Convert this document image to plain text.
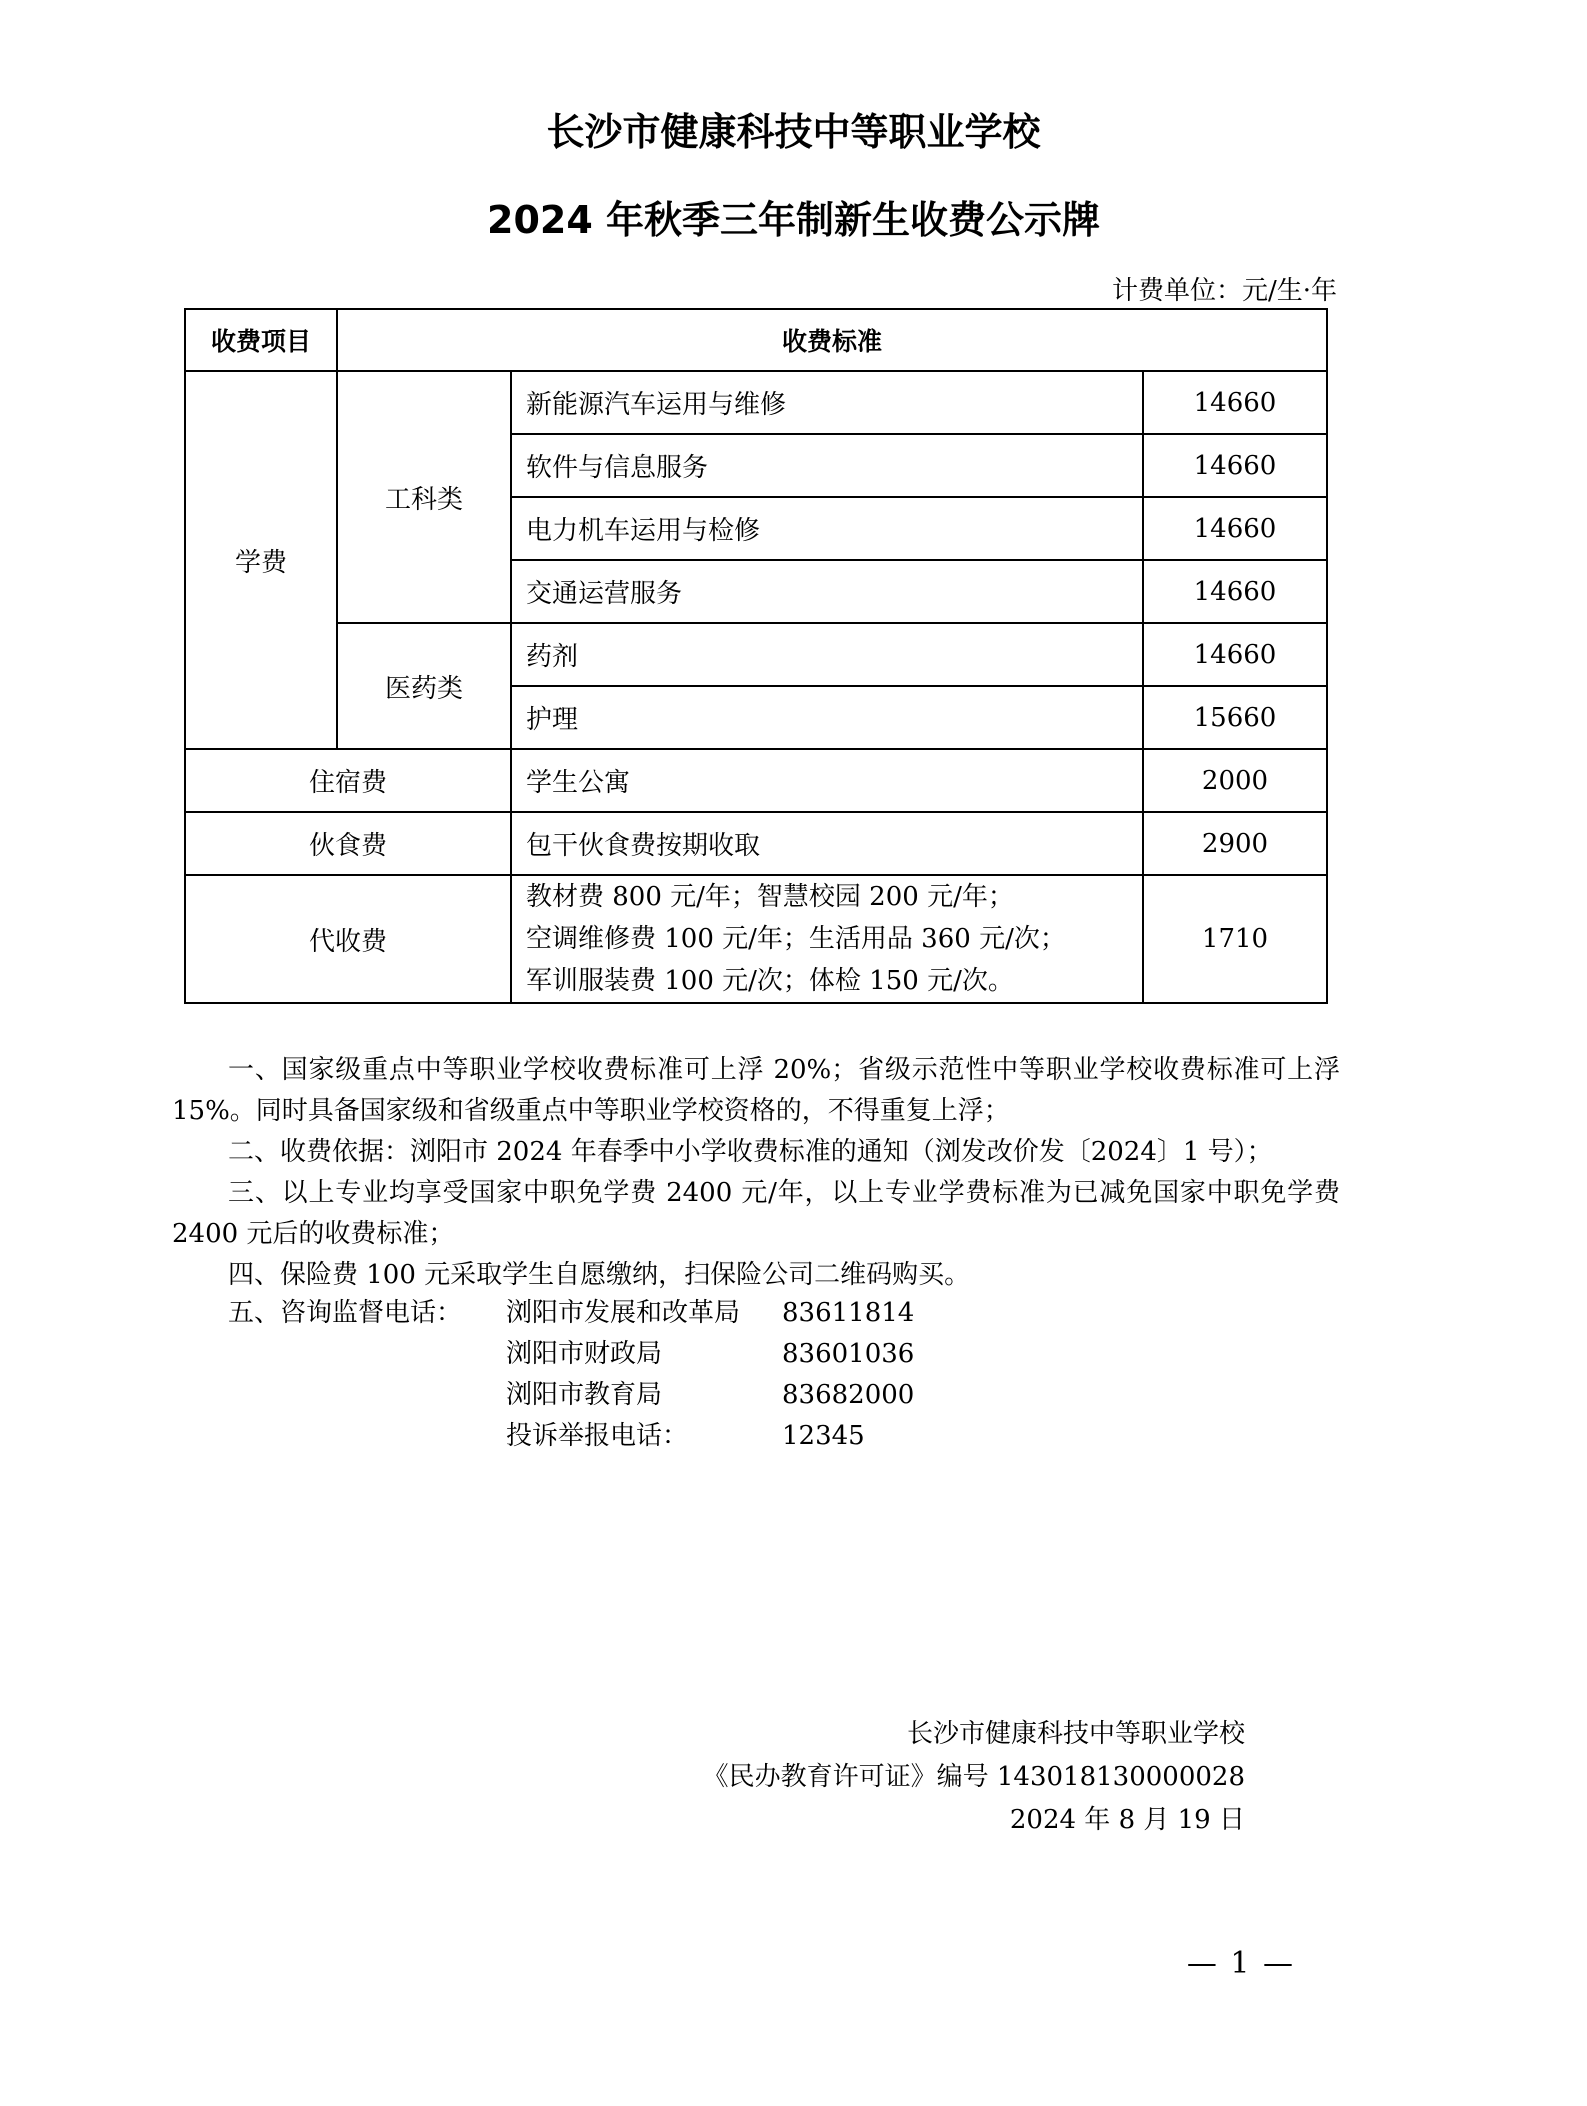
长沙市健康科技中等职业学校
2024 年秋季三年制新生收费公示牌
计费单位：元/生·年
收费项目	收费标准		
学费	工科类	新能源汽车运用与维修	14660
		软件与信息服务	14660
		电力机车运用与检修	14660
		交通运营服务	14660
	医药类	药剂	14660
		护理	15660
住宿费		学生公寓	2000
伙食费		包干伙食费按期收取	2900
代收费		教材费 800 元/年；智慧校园 200 元/年；
空调维修费 100 元/年；生活用品 360 元/次；
军训服装费 100 元/次；体检 150 元/次。	1710

一、国家级重点中等职业学校收费标准可上浮 20%；省级示范性中等职业学校收费标准可上浮 15%。同时具备国家级和省级重点中等职业学校资格的，不得重复上浮；

二、收费依据：浏阳市 2024 年春季中小学收费标准的通知（浏发改价发〔2024〕1 号）；

三、以上专业均享受国家中职免学费 2400 元/年，以上专业学费标准为已减免国家中职免学费 2400 元后的收费标准；

四、保险费 100 元采取学生自愿缴纳，扫保险公司二维码购买。

五、咨询监督电话：	浏阳市发展和改革局	83611814
浏阳市财政局	83601036
浏阳市教育局	83682000
投诉举报电话：	12345
长沙市健康科技中等职业学校
《民办教育许可证》编号 143018130000028
2024 年 8 月 19 日
— 1 —
